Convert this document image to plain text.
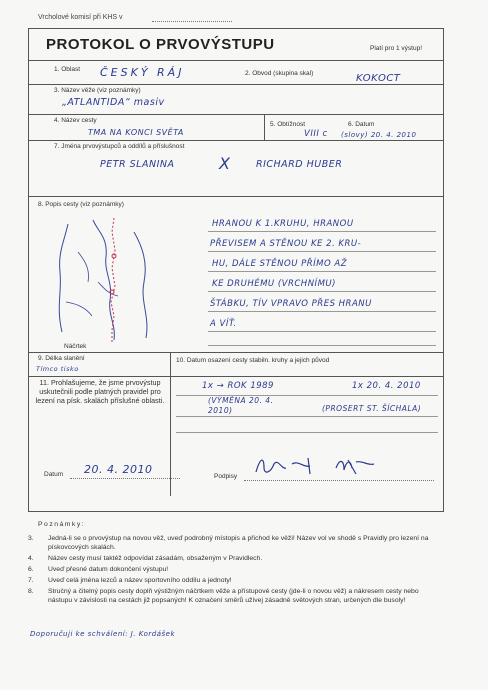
Vrcholové komisí při KHS v
PROTOKOL O PRVOVÝSTUPU	Platí pro 1 výstup!
1. Oblast ČESKÝ RÁJ	2. Obvod (skupina skal)	KOKOCT
3. Název věže (viz poznámky)
„ATLANTIDA“ masiv
4. Název cesty
TMA NA KONCI SVĚTA
5. Obtížnost
VIII c
6. Datum
(slovy) 20. 4. 2010
7. Jména prvovýstupců a oddílů a příslušnost
PETR SLANINA	X	RICHARD HUBER
8. Popis cesty (viz poznámky)
Náčrtek
HRANOU K 1.KRUHU, HRANOU
PŘEVISEM A STĚNOU KE 2. KRU-
HU, DÁLE STĚNOU PŘÍMO AŽ
KE DRUHÉMU (VRCHNÍMU)
ŠTÁBKU, TÍV VPRAVO PŘES HRANU
A VÍŤ.
9. Délka slanění
Tímco tisko
10. Datum osazení cesty stabiln. kruhy a jejich původ
1x → ROK 1989	1x 20. 4. 2010
(VÝMĚNA 20. 4. 2010)	(PROSERT ST. ŠÍCHALA)
11. Prohlašujeme, že jsme prvovýstup uskutečnili podle platných pravidel pro lezení na písk. skalách příslušné oblasti.
Datum 20. 4. 2010
Podpisy

Poznámky:

3. Jedná-li se o prvovýstup na novou věž, uveď podrobný místopis a přichod ke věži! Název vol ve shodě s Pravidly pro lezení na pískovcových skalách.

4. Název cesty musí taktéž odpovídat zásadám, obsaženým v Pravidlech.

6. Uveď přesné datum dokončení výstupu!

7. Uveď celá jména lezců a název sportovního oddílu a jednoty!

8. Stručný a čitelný popis cesty doplň výstižným náčrtkem věže a přístupové cesty (jde-li o novou věž) a nákresem cesty nebo nástupu v závislosti na cestách již popsaných! K označení směrů užívej zásadně světových stran, určených dle busoly!

Doporučuji ke schválení: J. Kordášek
